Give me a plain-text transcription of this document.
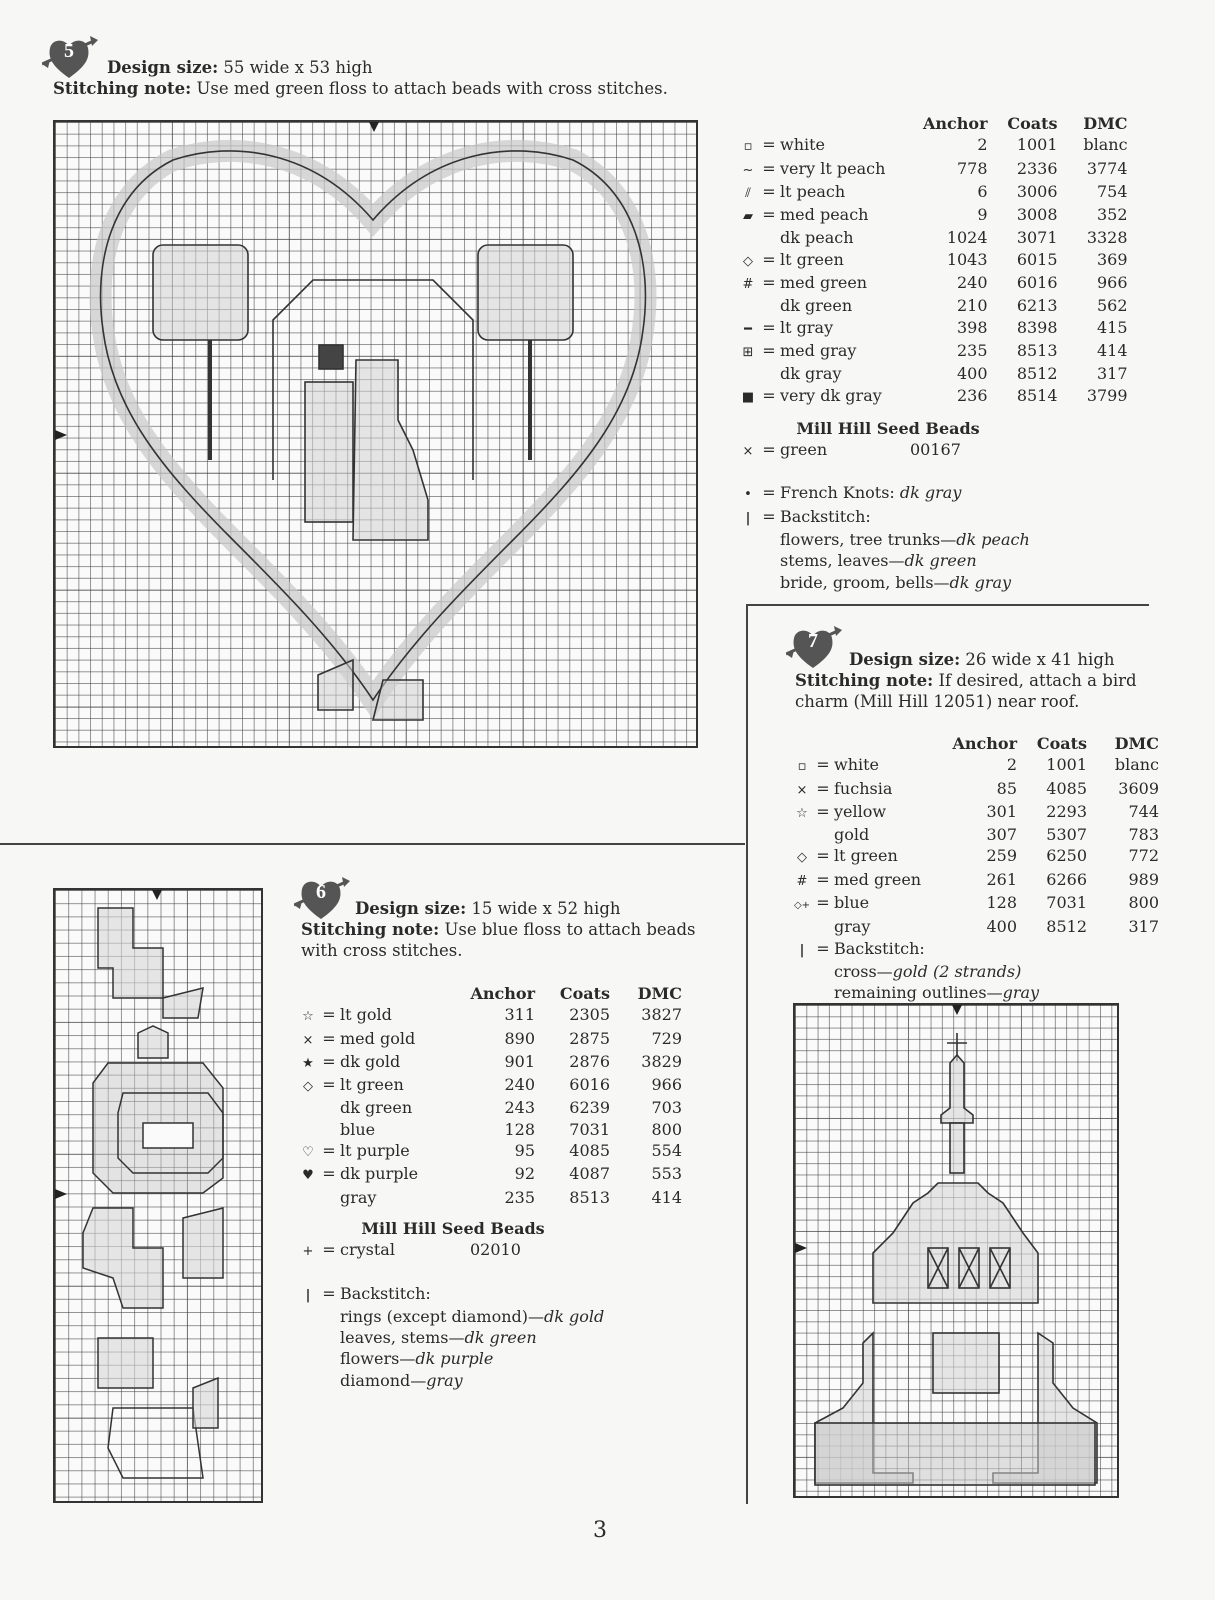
5
Design size: 55 wide x 53 high
Stitching note: Use med green floss to attach beads with cross stitches.
			Anchor	Coats	DMC
▫	=	white	2	1001	blanc
~	=	very lt peach	778	2336	3774
⫽	=	lt peach	6	3006	754
▰	=	med peach	9	3008	352
		dk peach	1024	3071	3328
◇	=	lt green	1043	6015	369
#	=	med green	240	6016	966
		dk green	210	6213	562
━	=	lt gray	398	8398	415
⊞	=	med gray	235	8513	414
		dk gray	400	8512	317
■	=	very dk gray	236	8514	3799
Mill Hill Seed Beads
× = green	00167
• = French Knots: dk gray
| = Backstitch:
flowers, tree trunks—dk peach
stems, leaves—dk green
bride, groom, bells—dk gray
7
Design size: 26 wide x 41 high
Stitching note: If desired, attach a bird
charm (Mill Hill 12051) near roof.
			Anchor	Coats	DMC
▫	=	white	2	1001	blanc
×	=	fuchsia	85	4085	3609
☆	=	yellow	301	2293	744
		gold	307	5307	783
◇	=	lt green	259	6250	772
#	=	med green	261	6266	989
◇+	=	blue	128	7031	800
		gray	400	8512	317
| = Backstitch:
cross—gold (2 strands)
remaining outlines—gray
6
Design size: 15 wide x 52 high
Stitching note: Use blue floss to attach beads
with cross stitches.
			Anchor	Coats	DMC
☆	=	lt gold	311	2305	3827
×	=	med gold	890	2875	729
★	=	dk gold	901	2876	3829
◇	=	lt green	240	6016	966
		dk green	243	6239	703
		blue	128	7031	800
♡	=	lt purple	95	4085	554
♥	=	dk purple	92	4087	553
		gray	235	8513	414
Mill Hill Seed Beads
+ = crystal	02010
| = Backstitch:
rings (except diamond)—dk gold
leaves, stems—dk green
flowers—dk purple
diamond—gray
3
